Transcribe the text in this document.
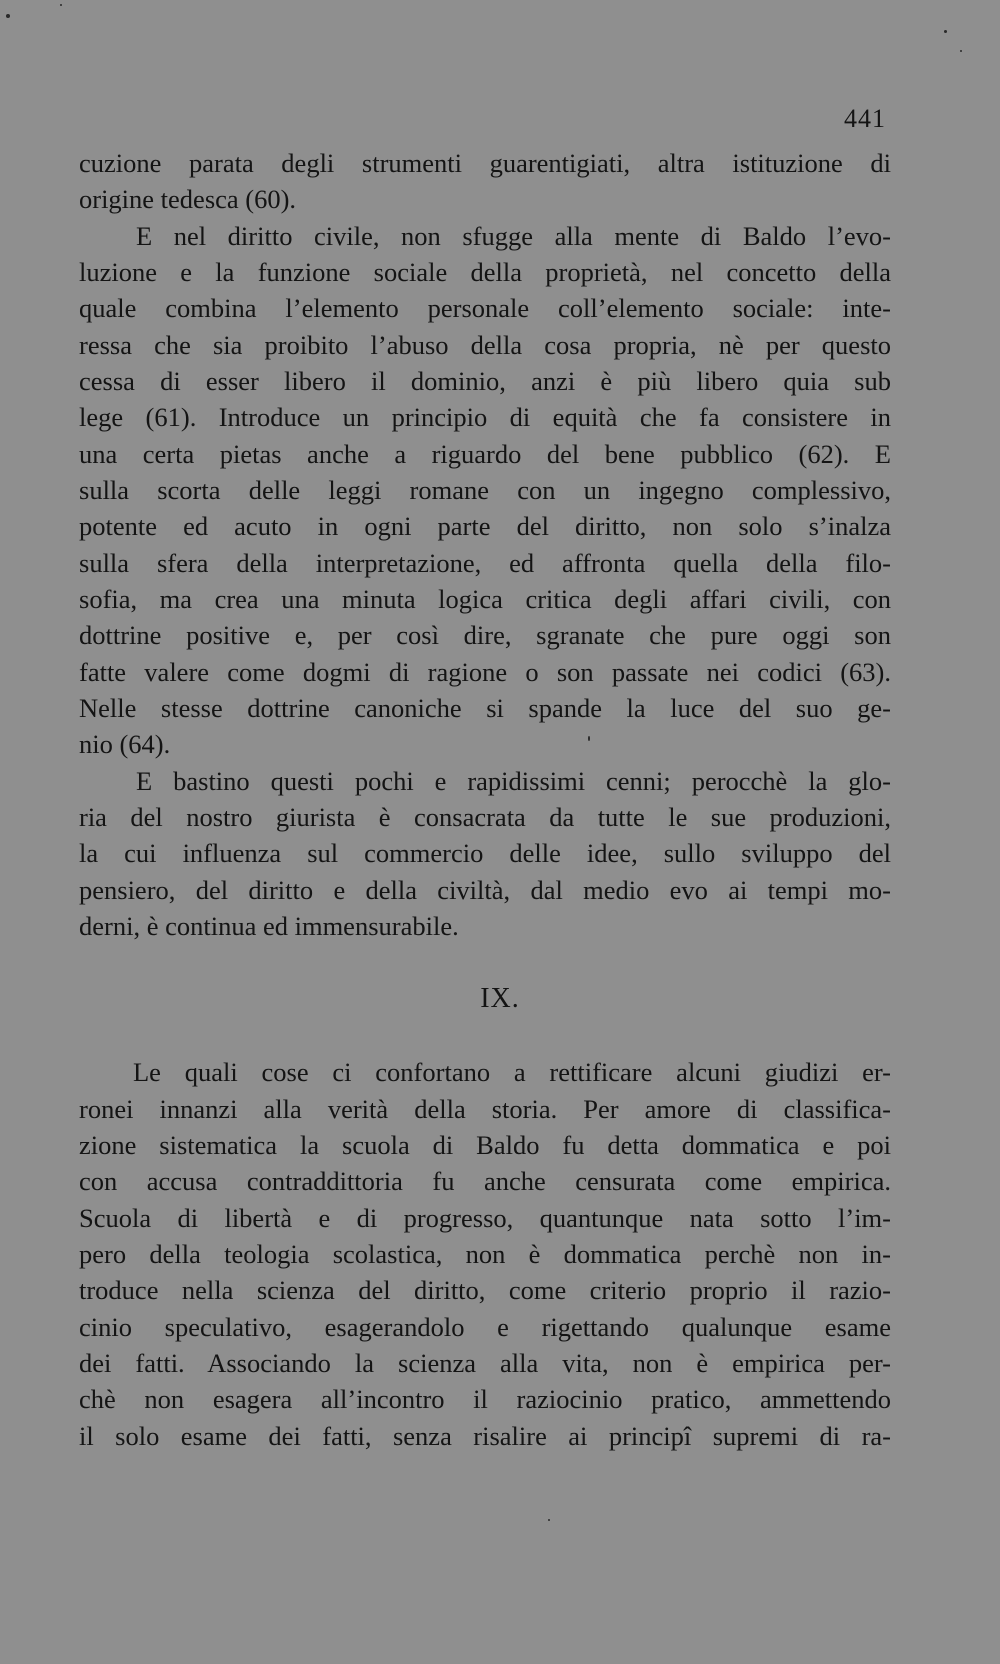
441
cuzione parata degli strumenti guarentigiati, altra istituzione di
origine tedesca (60).
E nel diritto civile, non sfugge alla mente di Baldo l’evo-
luzione e la funzione sociale della proprietà, nel concetto della
quale combina l’elemento personale coll’elemento sociale: inte-
ressa che sia proibito l’abuso della cosa propria, nè per questo
cessa di esser libero il dominio, anzi è più libero quia sub
lege (61). Introduce un principio di equità che fa consistere in
una certa pietas anche a riguardo del bene pubblico (62). E
sulla scorta delle leggi romane con un ingegno complessivo,
potente ed acuto in ogni parte del diritto, non solo s’inalza
sulla sfera della interpretazione, ed affronta quella della filo-
sofia, ma crea una minuta logica critica degli affari civili, con
dottrine positive e, per così dire, sgranate che pure oggi son
fatte valere come dogmi di ragione o son passate nei codici (63).
Nelle stesse dottrine canoniche si spande la luce del suo ge-
nio (64).
E bastino questi pochi e rapidissimi cenni; perocchè la glo-
ria del nostro giurista è consacrata da tutte le sue produzioni,
la cui influenza sul commercio delle idee, sullo sviluppo del
pensiero, del diritto e della civiltà, dal medio evo ai tempi mo-
derni, è continua ed immensurabile.
IX.
Le quali cose ci confortano a rettificare alcuni giudizi er-
ronei innanzi alla verità della storia. Per amore di classifica-
zione sistematica la scuola di Baldo fu detta dommatica e poi
con accusa contraddittoria fu anche censurata come empirica.
Scuola di libertà e di progresso, quantunque nata sotto l’im-
pero della teologia scolastica, non è dommatica perchè non in-
troduce nella scienza del diritto, come criterio proprio il razio-
cinio speculativo, esagerandolo e rigettando qualunque esame
dei fatti. Associando la scienza alla vita, non è empirica per-
chè non esagera all’incontro il raziocinio pratico, ammettendo
il solo esame dei fatti, senza risalire ai principî supremi di ra-
